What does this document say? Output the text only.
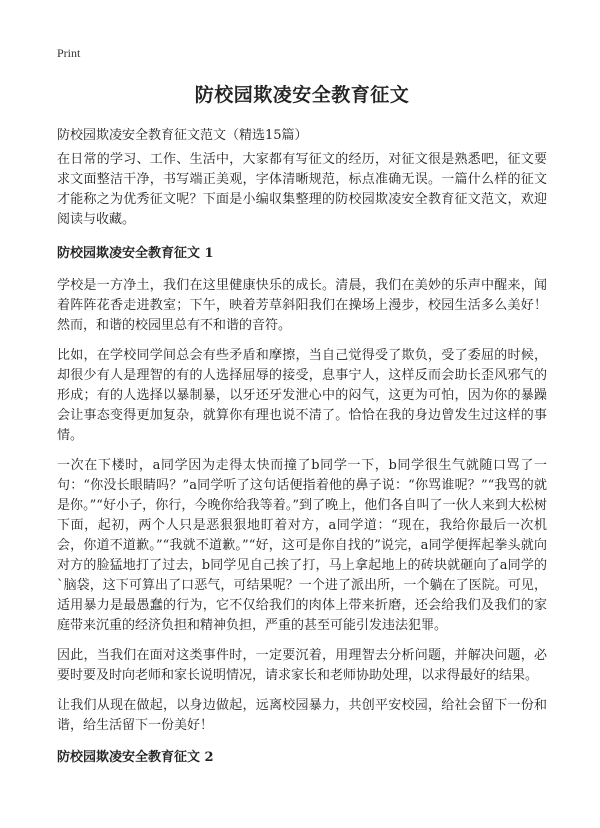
Print
防校园欺凌安全教育征文

防校园欺凌安全教育征文范文（精选15篇）

在日常的学习、工作、生活中，大家都有写征文的经历，对征文很是熟悉吧，征文要求文面整洁干净，书写端正美观，字体清晰规范，标点准确无误。一篇什么样的征文才能称之为优秀征文呢？下面是小编収集整理的防校园欺凌安全教育征文范文，欢迎阅读与收藏。

防校园欺凌安全教育征文 1

学校是一方净土，我们在这里健康快乐的成长。清晨，我们在美妙的乐声中醒来，闻着阵阵花香走进教室；下午，映着芳草斜阳我们在操场上漫步，校园生活多么美好！然而，和谐的校园里总有不和谐的音符。

比如，在学校同学间总会有些矛盾和摩擦，当自己觉得受了欺负，受了委屈的时候，却很少有人是理智的有的人选择屈辱的接受，息事宁人，这样反而会助长歪风邪气的形成；有的人选择以暴制暴，以牙还牙发泄心中的闷气，这更为可怕，因为你的暴躁会让事态变得更加复杂，就算你有理也说不清了。恰恰在我的身边曾发生过这样的事情。

一次在下楼时，a同学因为走得太快而撞了b同学一下，b同学很生气就随口骂了一句：“你没长眼睛吗？”a同学听了这句话便指着他的鼻子说：“你骂谁呢？”“我骂的就是你。”“好小子，你行，今晚你给我等着。”到了晚上，他们各自叫了一伙人来到大松树下面，起初，两个人只是恶狠狠地盯着对方，a同学道：“现在，我给你最后一次机会，你道不道歉。”“我就不道歉。”“好，这可是你自找的”说完，a同学便挥起拳头就向对方的脸猛地打了过去，b同学见自己挨了打，马上拿起地上的砖块就砸向了a同学的`脑袋，这下可算出了口恶气，可结果呢？一个进了派出所，一个躺在了医院。可见，适用暴力是最愚蠢的行为，它不仅给我们的肉体上带来折磨，还会给我们及我们的家庭带来沉重的经济负担和精神负担，严重的甚至可能引发违法犯罪。

因此，当我们在面对这类事件时，一定要沉着，用理智去分析问题，并解决问题，必要时要及时向老师和家长说明情况，请求家长和老师协助处理，以求得最好的结果。

让我们从现在做起，以身边做起，远离校园暴力，共创平安校园，给社会留下一份和谐，给生活留下一份美好！

防校园欺凌安全教育征文 2
